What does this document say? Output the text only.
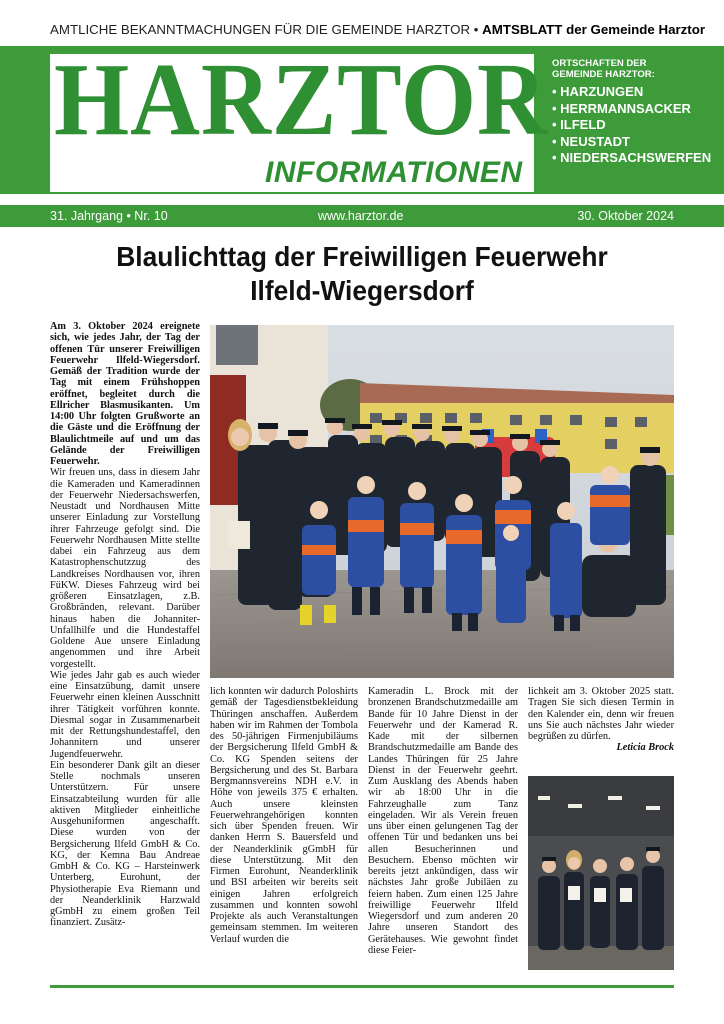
AMTLICHE BEKANNTMACHUNGEN FÜR DIE GEMEINDE HARZTOR • AMTSBLATT der Gemeinde Harztor
HARZTOR
INFORMATIONEN
ORTSCHAFTEN DER GEMEINDE HARZTOR:
• HARZUNGEN
• HERRMANNSACKER
• ILFELD
• NEUSTADT
• NIEDERSACHSWERFEN
31. Jahrgang • Nr. 10	www.harztor.de	30. Oktober 2024
Blaulichttag der Freiwilligen Feuerwehr
Ilfeld-Wiegersdorf

Am 3. Oktober 2024 ereignete sich, wie jedes Jahr, der Tag der offenen Tür unserer Freiwilligen Feuerwehr Ilfeld-Wiegersdorf. Gemäß der Tradition wurde der Tag mit einem Frühshoppen eröffnet, begleitet durch die Ellricher Blasmusikanten. Um 14:00 Uhr folgten Grußworte an die Gäste und die Eröffnung der Blaulichtmeile auf und um das Gelände der Freiwilligen Feuerwehr.

Wir freuen uns, dass in diesem Jahr die Kameraden und Kameradinnen der Feuerwehr Niedersachswerfen, Neustadt und Nordhausen Mitte unserer Einladung zur Vorstellung ihrer Fahrzeuge gefolgt sind. Die Feuerwehr Nordhausen Mitte stellte dabei ein Fahrzeug aus dem Katastrophenschutzzug des Landkreises Nordhausen vor, ihren FüKW. Dieses Fahrzeug wird bei größeren Einsatzlagen, z.B. Großbränden, relevant. Darüber hinaus haben die Johanniter-Unfallhilfe und die Hundestaffel Goldene Aue unsere Einladung angenommen und ihre Arbeit vorgestellt.

Wie jedes Jahr gab es auch wieder eine Einsatzübung, damit unsere Feuerwehr einen kleinen Ausschnitt ihrer Tätigkeit vorführen konnte. Diesmal sogar in Zusammenarbeit mit der Rettungshundestaffel, den Johannitern und unserer Jugendfeuerwehr.

Ein besonderer Dank gilt an dieser Stelle nochmals unseren Unterstützern. Für unsere Einsatzabteilung wurden für alle aktiven Mitglieder einheitliche Ausgehuniformen angeschafft. Diese wurden von der Bergsicherung Ilfeld GmbH & Co. KG, der Kemna Bau Andreae GmbH & Co. KG – Harsteinwerk Unterberg, Eurohunt, der Physiotherapie Eva Riemann und der Neanderklinik Harzwald gGmbH zu einem großen Teil finanziert. Zusätz-

lich konnten wir dadurch Poloshirts gemäß der Tagesdienstbekleidung Thüringen anschaffen. Außerdem haben wir im Rahmen der Tombola des 50-jährigen Firmenjubiläums der Bergsicherung Ilfeld GmbH & Co. KG Spenden seitens der Bergsicherung und des St. Barbara Bergmannsvereins NDH e.V. in Höhe von jeweils 375 € erhalten. Auch unsere kleinsten Feuerwehrangehörigen konnten sich über Spenden freuen. Wir danken Herrn S. Bauersfeld und der Neanderklinik gGmbH für diese Unterstützung. Mit den Firmen Eurohunt, Neanderklinik und BSI arbeiten wir bereits seit einigen Jahren erfolgreich zusammen und konnten sowohl Projekte als auch Veranstaltungen gemeinsam stemmen. Im weiteren Verlauf wurden die

Kameradin L. Brock mit der bronzenen Brandschutzmedaille am Bande für 10 Jahre Dienst in der Feuerwehr und der Kamerad R. Kade mit der silbernen Brandschutzmedaille am Bande des Landes Thüringen für 25 Jahre Dienst in der Feuerwehr geehrt. Zum Ausklang des Abends haben wir ab 18:00 Uhr in die Fahrzeughalle zum Tanz eingeladen. Wir als Verein freuen uns über einen gelungenen Tag der offenen Tür und bedanken uns bei allen Besucherinnen und Besuchern. Ebenso möchten wir bereits jetzt ankündigen, dass wir nächstes Jahr große Jubiläen zu feiern haben. Zum einen 125 Jahre freiwillige Feuerwehr Ilfeld Wiegersdorf und zum anderen 20 Jahre unseren Standort des Gerätehauses. Wie gewohnt findet diese Feier-

lichkeit am 3. Oktober 2025 statt. Tragen Sie sich diesen Termin in den Kalender ein, denn wir freuen uns Sie auch nächstes Jahr wieder begrüßen zu dürfen.

Leticia Brock
